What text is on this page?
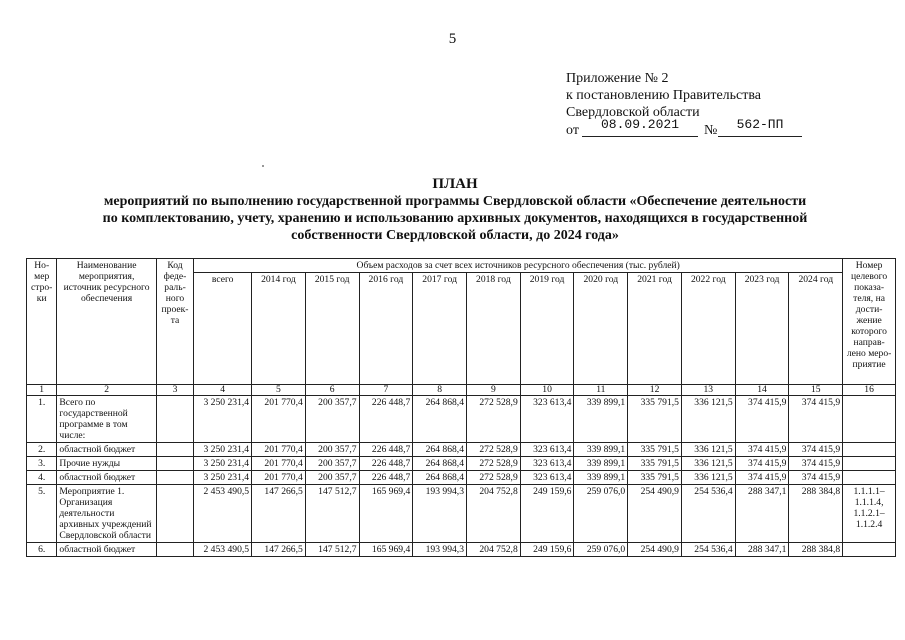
5
Приложение № 2
к постановлению Правительства
Свердловской области
от	08.09.2021	№	562-ПП
ПЛАН
мероприятий по выполнению государственной программы Свердловской области «Обеспечение деятельности
по комплектованию, учету, хранению и использованию архивных документов, находящихся в государственной
собственности Свердловской области, до 2024 года»
Но-мер стро-ки	Наименование мероприятия, источник ресурсного обеспечения	Код феде-раль-ного проек-та	Объем расходов за счет всех источников ресурсного обеспечения (тыс. рублей)												Номер целевого показа-теля, на дости-жение которого направ-лено меро-приятие
			всего	2014 год	2015 год	2016 год	2017 год	2018 год	2019 год	2020 год	2021 год	2022 год	2023 год	2024 год	
1	2	3	4	5	6	7	8	9	10	11	12	13	14	15	16
1.	Всего по государственной программе в том числе:		3 250 231,4	201 770,4	200 357,7	226 448,7	264 868,4	272 528,9	323 613,4	339 899,1	335 791,5	336 121,5	374 415,9	374 415,9	
2.	областной бюджет		3 250 231,4	201 770,4	200 357,7	226 448,7	264 868,4	272 528,9	323 613,4	339 899,1	335 791,5	336 121,5	374 415,9	374 415,9	
3.	Прочие нужды		3 250 231,4	201 770,4	200 357,7	226 448,7	264 868,4	272 528,9	323 613,4	339 899,1	335 791,5	336 121,5	374 415,9	374 415,9	
4.	областной бюджет		3 250 231,4	201 770,4	200 357,7	226 448,7	264 868,4	272 528,9	323 613,4	339 899,1	335 791,5	336 121,5	374 415,9	374 415,9	
5.	Мероприятие 1. Организация деятельности архивных учреждений Свердловской области		2 453 490,5	147 266,5	147 512,7	165 969,4	193 994,3	204 752,8	249 159,6	259 076,0	254 490,9	254 536,4	288 347,1	288 384,8	1.1.1.1–1.1.1.4, 1.1.2.1–1.1.2.4
6.	областной бюджет		2 453 490,5	147 266,5	147 512,7	165 969,4	193 994,3	204 752,8	249 159,6	259 076,0	254 490,9	254 536,4	288 347,1	288 384,8	
